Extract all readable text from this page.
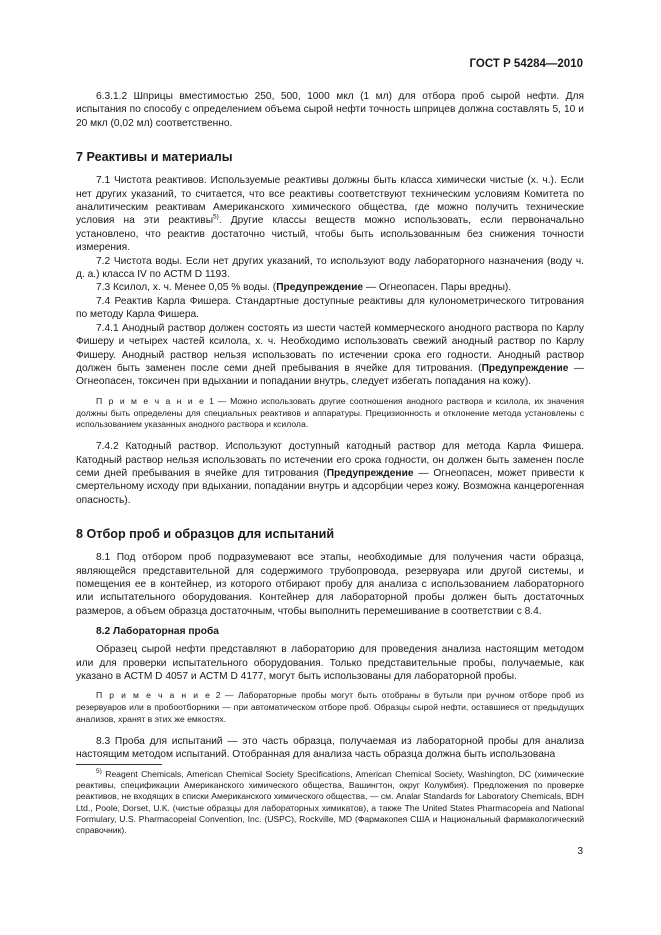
ГОСТ Р 54284—2010

6.3.1.2 Шприцы вместимостью 250, 500, 1000 мкл (1 мл) для отбора проб сырой нефти. Для испытания по способу с определением объема сырой нефти точность шприцев должна составлять 5, 10 и 20 мкл (0,02 мл) соответственно.

7 Реактивы и материалы

7.1 Чистота реактивов. Используемые реактивы должны быть класса химически чистые (х. ч.). Если нет других указаний, то считается, что все реактивы соответствуют техническим условиям Комитета по аналитическим реактивам Американского химического общества, где можно получить технические условия на эти реактивы$^{5)}$. Другие классы веществ можно использовать, если первоначально установлено, что реактив достаточно чистый, чтобы быть использованным без снижения точности измерения.

7.2 Чистота воды. Если нет других указаний, то используют воду лабораторного назначения (воду ч. д. а.) класса IV по АСТМ D 1193.

7.3 Ксилол, х. ч. Менее 0,05 % воды. (Предупреждение — Огнеопасен. Пары вредны).

7.4 Реактив Карла Фишера. Стандартные доступные реактивы для кулонометрического титрования по методу Карла Фишера.

7.4.1 Анодный раствор должен состоять из шести частей коммерческого анодного раствора по Карлу Фишеру и четырех частей ксилола, х. ч. Необходимо использовать свежий анодный раствор по Карлу Фишеру. Анодный раствор нельзя использовать по истечении срока его годности. Анодный раствор должен быть заменен после семи дней пребывания в ячейке для титрования. (Предупреждение — Огнеопасен, токсичен при вдыхании и попадании внутрь, следует избегать попадания на кожу).

П р и м е ч а н и е 1 — Можно использовать другие соотношения анодного раствора и ксилола, их значения должны быть определены для специальных реактивов и аппаратуры. Прецизионность и отклонение метода установлены с использованием указанных анодного раствора и ксилола.

7.4.2 Катодный раствор. Используют доступный катодный раствор для метода Карла Фишера. Катодный раствор нельзя использовать по истечении его срока годности, он должен быть заменен после семи дней пребывания в ячейке для титрования (Предупреждение — Огнеопасен, может привести к смертельному исходу при вдыхании, попадании внутрь и адсорбции через кожу. Возможна канцерогенная опасность).

8 Отбор проб и образцов для испытаний

8.1 Под отбором проб подразумевают все этапы, необходимые для получения части образца, являющейся представительной для содержимого трубопровода, резервуара или другой системы, и помещения ее в контейнер, из которого отбирают пробу для анализа с использованием лабораторного или испытательного оборудования. Контейнер для лабораторной пробы должен быть достаточных размеров, а объем образца достаточным, чтобы выполнить перемешивание в соответствии с 8.4.

8.2 Лабораторная проба

Образец сырой нефти представляют в лабораторию для проведения анализа настоящим методом или для проверки испытательного оборудования. Только представительные пробы, получаемые, как указано в АСТМ D 4057 и АСТМ D 4177, могут быть использованы для лабораторной пробы.

П р и м е ч а н и е 2 — Лабораторные пробы могут быть отобраны в бутыли при ручном отборе проб из резервуаров или в пробоотборники — при автоматическом отборе проб. Образцы сырой нефти, оставшиеся от предыдущих анализов, хранят в этих же емкостях.

8.3 Проба для испытаний — это часть образца, получаемая из лабораторной пробы для анализа настоящим методом испытаний. Отобранная для анализа часть образца должна быть использована

$^{5)}$ Reagent Chemicals, American Chemical Society Specifications, American Chemical Society, Washington, DC (химические реактивы, спецификации Американского химического общества, Вашингтон, округ Колумбия). Предложения по проверке реактивов, не входящих в списки Американского химического общества, — см. Analar Standards for Laboratory Chemicals, BDH Ltd., Poole, Dorset, U.K. (чистые образцы для лабораторных химикатов), а также The United States Pharmacopeia and National Formulary, U.S. Pharmacopeial Convention, Inc. (USPC), Rockville, MD (Фармакопея США и Национальный фармакологический справочник).
3
